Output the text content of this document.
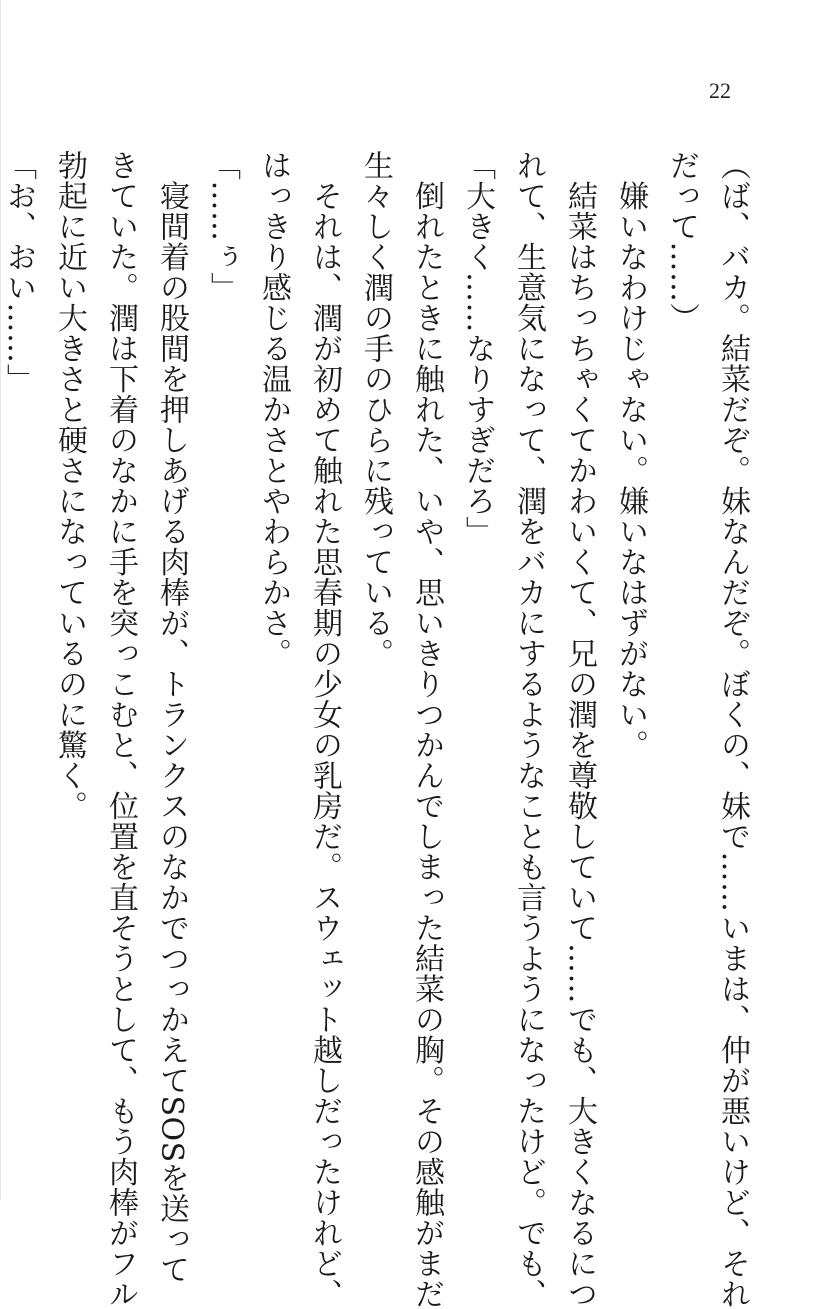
22
（ば、バカ。結菜だぞ。妹なんだぞ。ぼくの、妹で……いまは、仲が悪いけど、それ
だって……）
　嫌いなわけじゃない。嫌いなはずがない。
　結菜はちっちゃくてかわいくて、兄の潤を尊敬していて……でも、大きくなるにつ
れて、生意気になって、潤をバカにするようなことも言うようになったけど。でも、
「大きく……なりすぎだろ」
　倒れたときに触れた、いや、思いきりつかんでしまった結菜の胸。その感触がまだ
生々しく潤の手のひらに残っている。
　それは、潤が初めて触れた思春期の少女の乳房だ。スウェット越しだったけれど、
はっきり感じる温かさとやわらかさ。
「……ぅ」
　寝間着の股間を押しあげる肉棒が、トランクスのなかでつっかえてSOSを送って
きていた。潤は下着のなかに手を突っこむと、位置を直そうとして、もう肉棒がフル
勃起に近い大きさと硬さになっているのに驚く。
「お、おい……」
